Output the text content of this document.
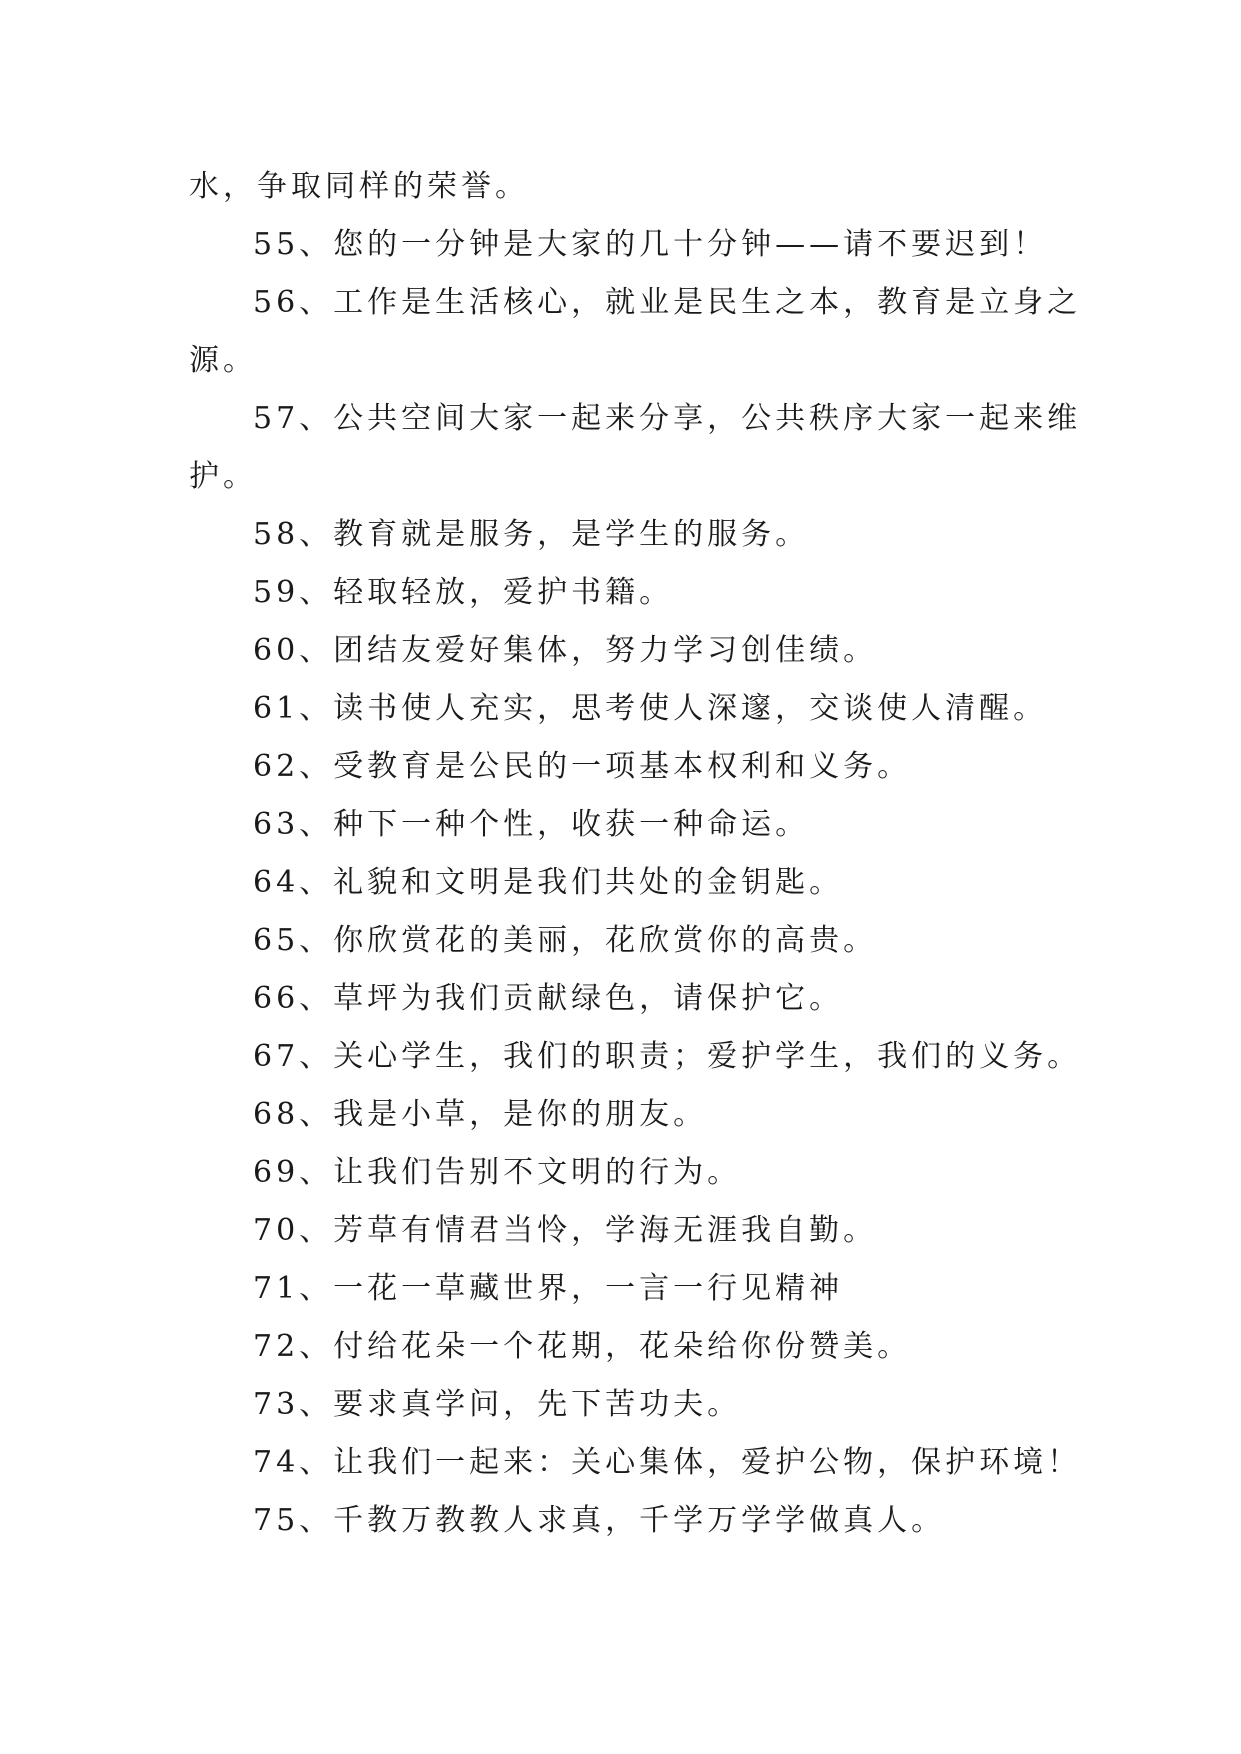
水，争取同样的荣誉。

55、您的一分钟是大家的几十分钟——请不要迟到！

56、工作是生活核心，就业是民生之本，教育是立身之

源。

57、公共空间大家一起来分享，公共秩序大家一起来维

护。

58、教育就是服务，是学生的服务。

59、轻取轻放，爱护书籍。

60、团结友爱好集体，努力学习创佳绩。

61、读书使人充实，思考使人深邃，交谈使人清醒。

62、受教育是公民的一项基本权利和义务。

63、种下一种个性，收获一种命运。

64、礼貌和文明是我们共处的金钥匙。

65、你欣赏花的美丽，花欣赏你的高贵。

66、草坪为我们贡献绿色，请保护它。

67、关心学生，我们的职责；爱护学生，我们的义务。

68、我是小草，是你的朋友。

69、让我们告别不文明的行为。

70、芳草有情君当怜，学海无涯我自勤。

71、一花一草藏世界，一言一行见精神

72、付给花朵一个花期，花朵给你份赞美。

73、要求真学问，先下苦功夫。

74、让我们一起来：关心集体，爱护公物，保护环境！

75、千教万教教人求真，千学万学学做真人。
